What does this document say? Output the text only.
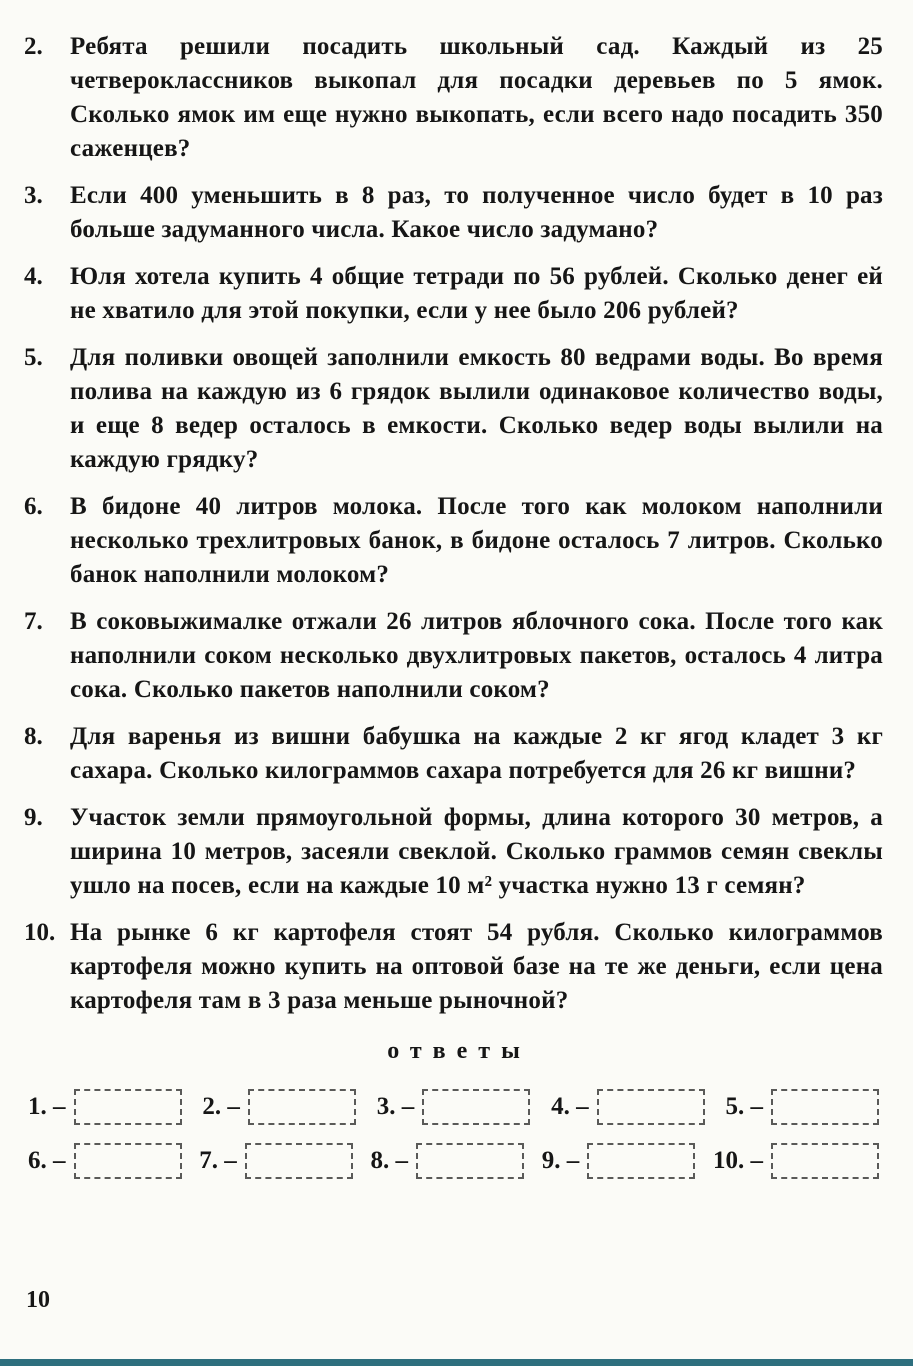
2.	Ребята решили посадить школьный сад. Каждый из 25 четвероклассников выкопал для посадки деревьев по 5 ямок. Сколько ямок им еще нужно выкопать, если всего надо посадить 350 саженцев?
3.	Если 400 уменьшить в 8 раз, то полученное число будет в 10 раз больше задуманного числа. Какое число задумано?
4.	Юля хотела купить 4 общие тетради по 56 рублей. Сколько денег ей не хватило для этой покупки, если у нее было 206 рублей?
5.	Для поливки овощей заполнили емкость 80 ведрами воды. Во время полива на каждую из 6 грядок вылили одинаковое количество воды, и еще 8 ведер осталось в емкости. Сколько ведер воды вылили на каждую грядку?
6.	В бидоне 40 литров молока. После того как молоком наполнили несколько трехлитровых банок, в бидоне осталось 7 литров. Сколько банок наполнили молоком?
7.	В соковыжималке отжали 26 литров яблочного сока. После того как наполнили соком несколько двухлитровых пакетов, осталось 4 литра сока. Сколько пакетов наполнили соком?
8.	Для варенья из вишни бабушка на каждые 2 кг ягод кладет 3 кг сахара. Сколько килограммов сахара потребуется для 26 кг вишни?
9.	Участок земли прямоугольной формы, длина которого 30 метров, а ширина 10 метров, засеяли свеклой. Сколько граммов семян свеклы ушло на посев, если на каждые 10 м² участка нужно 13 г семян?
10. На рынке 6 кг картофеля стоят 54 рубля. Сколько килограммов картофеля можно купить на оптовой базе на те же деньги, если цена картофеля там в 3 раза меньше рыночной?
ответы
1. –	2. –	3. –	4. –	5. –
6. –	7. –	8. –	9. –	10. –
10
